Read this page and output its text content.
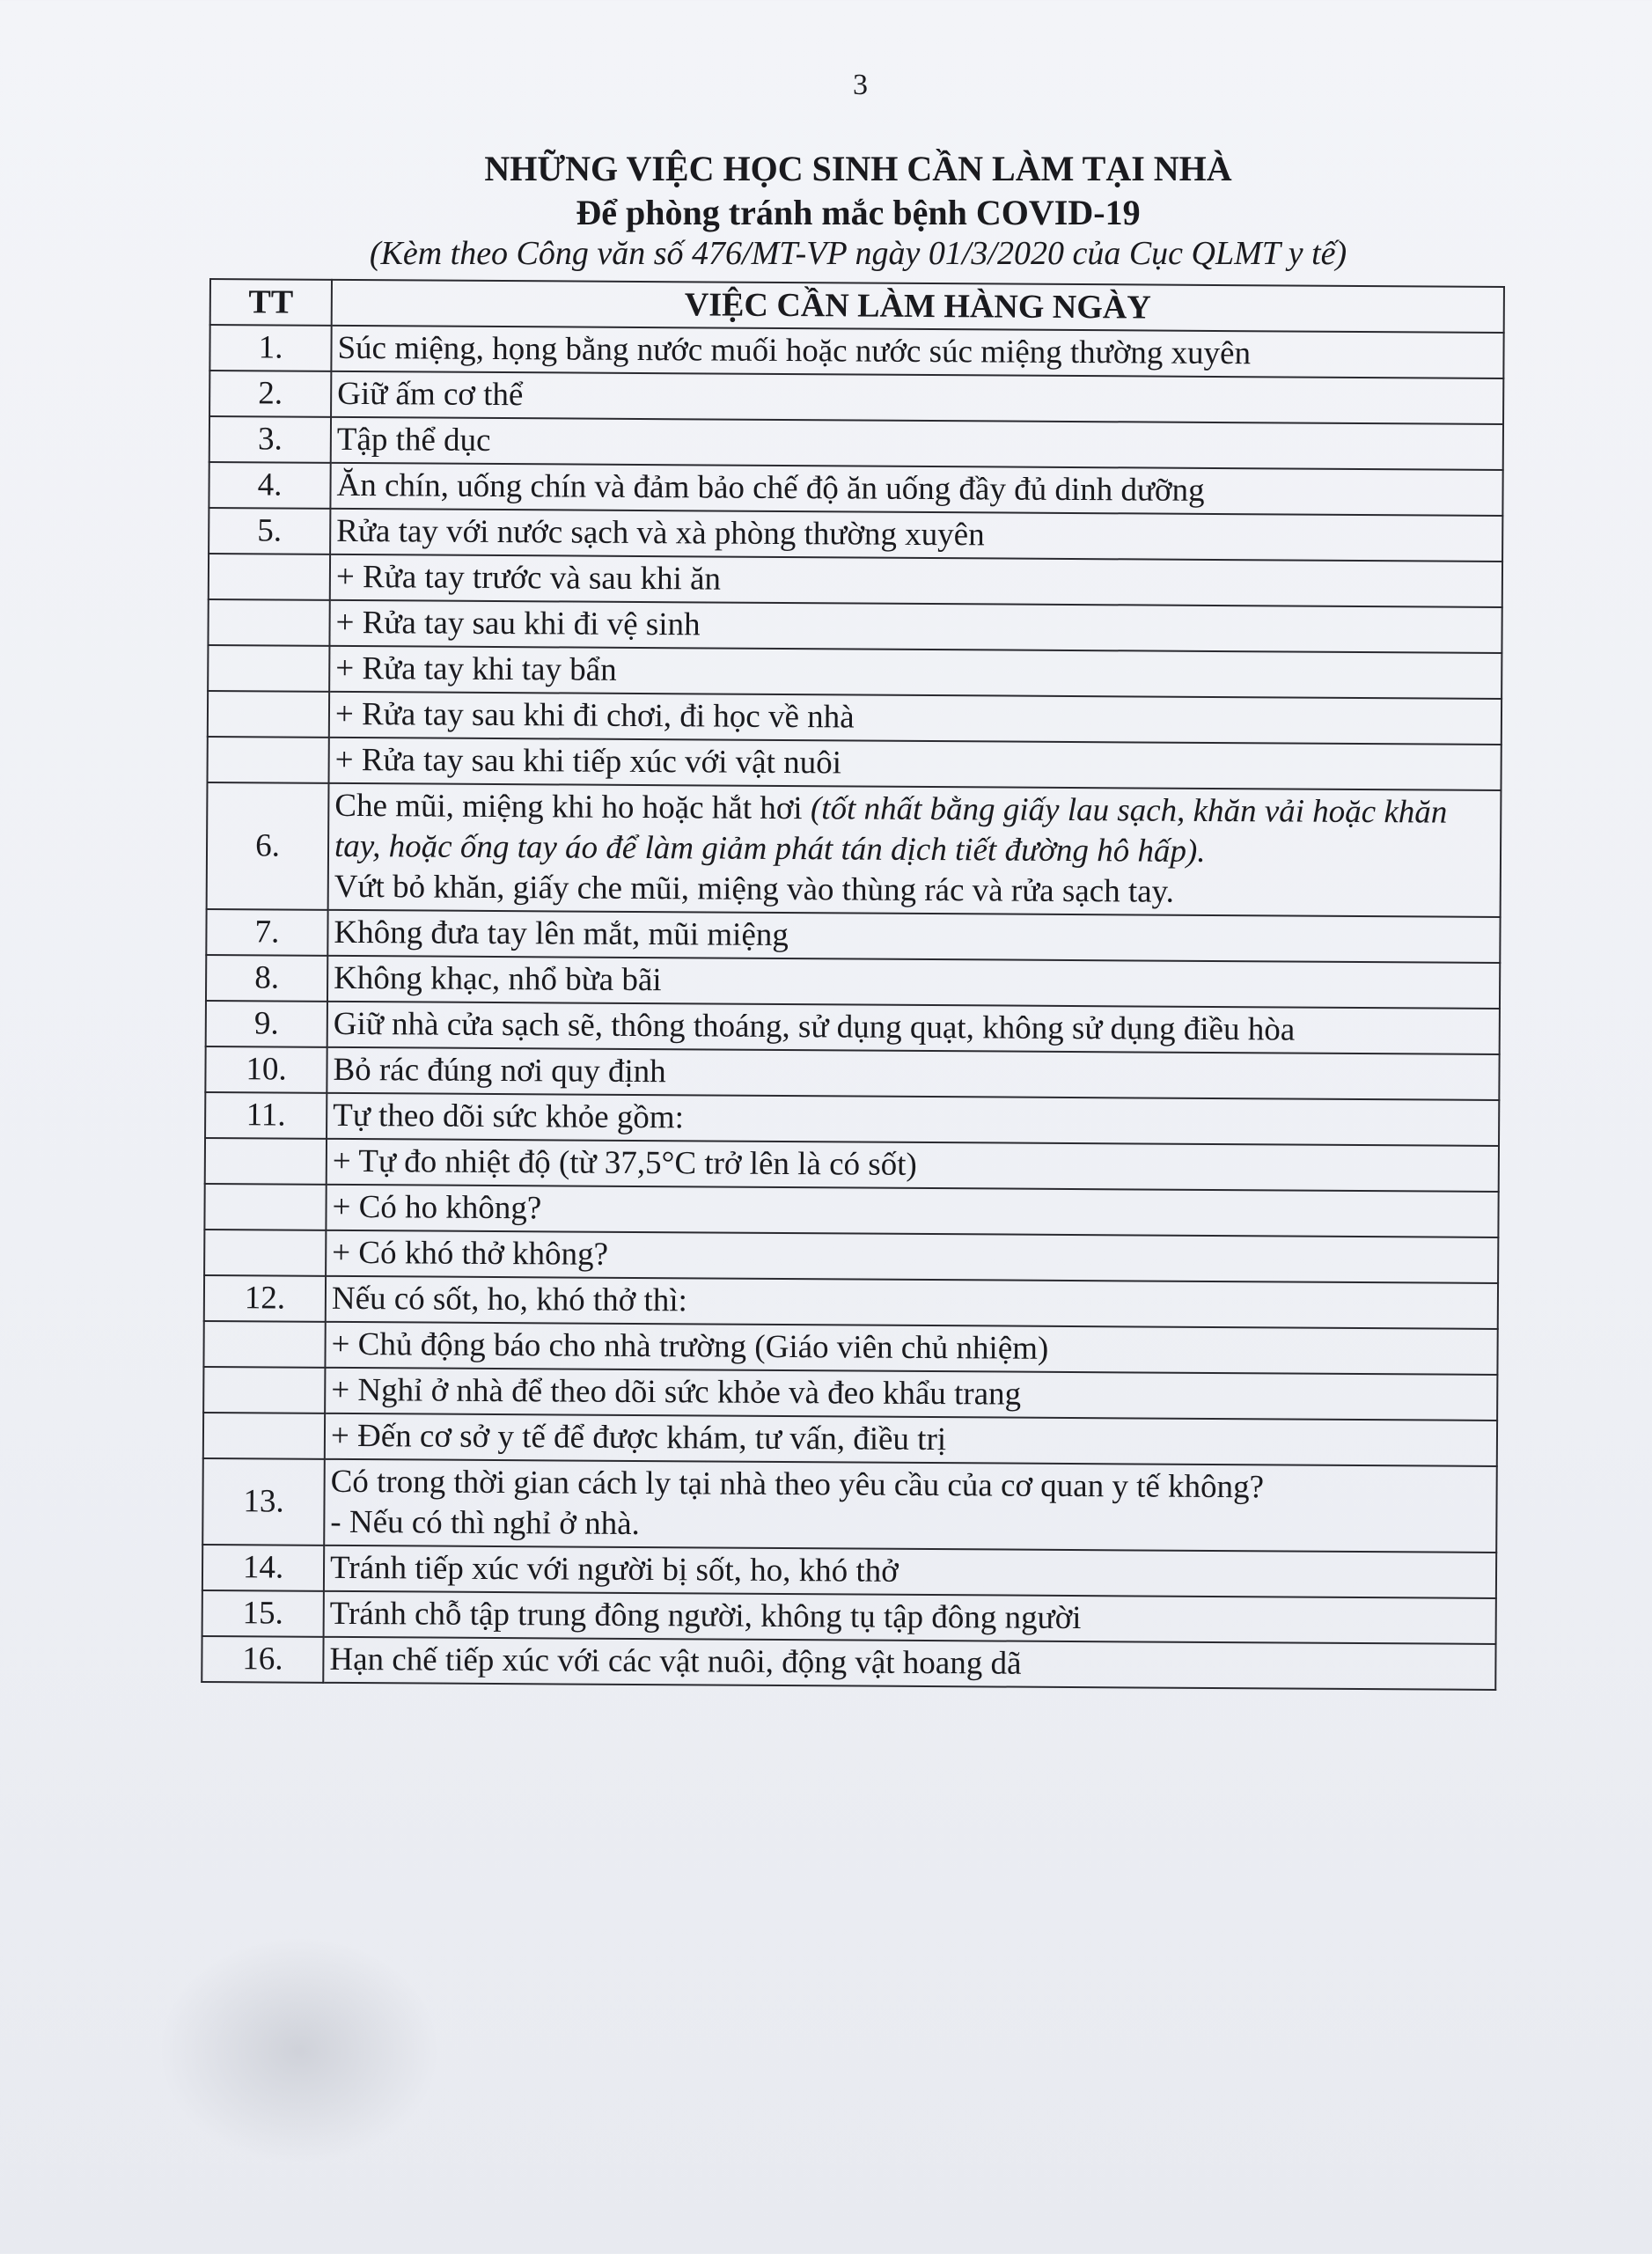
3
NHỮNG VIỆC HỌC SINH CẦN LÀM TẠI NHÀ
Để phòng tránh mắc bệnh COVID-19
(Kèm theo Công văn số 476/MT-VP ngày 01/3/2020 của Cục QLMT y tế)
TT	VIỆC CẦN LÀM HÀNG NGÀY
1.	Súc miệng, họng bằng nước muối hoặc nước súc miệng thường xuyên
2.	Giữ ấm cơ thể
3.	Tập thể dục
4.	Ăn chín, uống chín và đảm bảo chế độ ăn uống đầy đủ dinh dưỡng
5.	Rửa tay với nước sạch và xà phòng thường xuyên
	+ Rửa tay trước và sau khi ăn
	+ Rửa tay sau khi đi vệ sinh
	+ Rửa tay khi tay bẩn
	+ Rửa tay sau khi đi chơi, đi học về nhà
	+ Rửa tay sau khi tiếp xúc với vật nuôi
6.	Che mũi, miệng khi ho hoặc hắt hơi (tốt nhất bằng giấy lau sạch, khăn vải hoặc khăn tay, hoặc ống tay áo để làm giảm phát tán dịch tiết đường hô hấp).
Vứt bỏ khăn, giấy che mũi, miệng vào thùng rác và rửa sạch tay.
7.	Không đưa tay lên mắt, mũi miệng
8.	Không khạc, nhổ bừa bãi
9.	Giữ nhà cửa sạch sẽ, thông thoáng, sử dụng quạt, không sử dụng điều hòa
10.	Bỏ rác đúng nơi quy định
11.	Tự theo dõi sức khỏe gồm:
	+ Tự đo nhiệt độ (từ 37,5°C trở lên là có sốt)
	+ Có ho không?
	+ Có khó thở không?
12.	Nếu có sốt, ho, khó thở thì:
	+ Chủ động báo cho nhà trường (Giáo viên chủ nhiệm)
	+ Nghỉ ở nhà để theo dõi sức khỏe và đeo khẩu trang
	+ Đến cơ sở y tế để được khám, tư vấn, điều trị
13.	Có trong thời gian cách ly tại nhà theo yêu cầu của cơ quan y tế không?
- Nếu có thì nghỉ ở nhà.
14.	Tránh tiếp xúc với người bị sốt, ho, khó thở
15.	Tránh chỗ tập trung đông người, không tụ tập đông người
16.	Hạn chế tiếp xúc với các vật nuôi, động vật hoang dã
